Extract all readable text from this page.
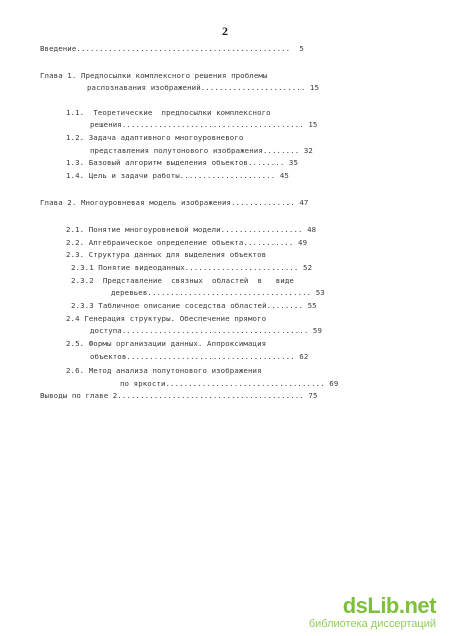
2
Введение...............................................  5
Глава 1. Предпосылки комплексного решения проблемы
распознавания изображений....................... 15
1.1.  Теоретические  предпосылки комплексного
решения........................................ 15
1.2. Задача адаптивного многоуровневого
представления полутонового изображения........ 32
1.3. Базовый алгоритм выделения объектов........ 35
1.4. Цель и задачи работы..................... 45
Глава 2. Многоуровневая модель изображения.............. 47
2.1. Понятие многоуровневой модели.................. 48
2.2. Алгебраическое определение объекта........... 49
2.3. Структура данных для выделения объектов
2.3.1 Понятие видеоданных......................... 52
2.3.2  Представление  связных  областей  в   виде
деревьев.................................... 53
2.3.3 Табличное описание соседства областей........ 55
2.4 Генерация структуры. Обеспечение прямого
доступа......................................... 59
2.5. Формы организации данных. Аппроксимация
объектов..................................... 62
2.6. Метод анализа полутонового изображения
по яркости................................... 69
Выводы по главе 2......................................... 75
dsLib.net
библиотека диссертаций
